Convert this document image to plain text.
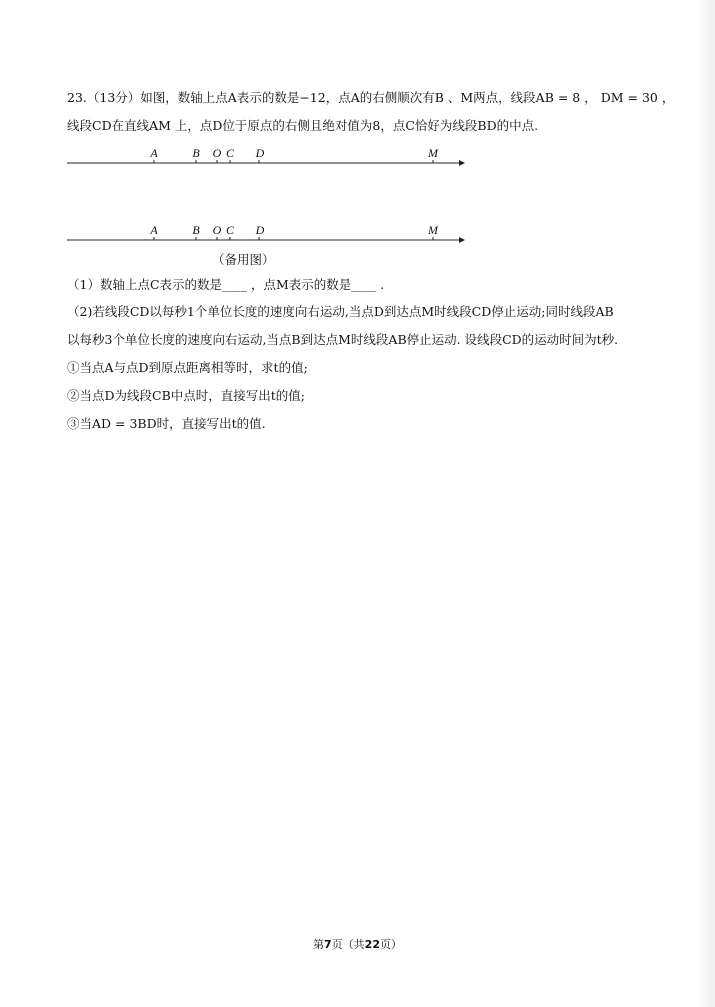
23.（13分）如图，数轴上点A表示的数是−12，点A的右侧顺次有B 、M两点，线段AB = 8 ， DM = 30 ，
线段CD在直线AM 上，点D位于原点的右侧且绝对值为8，点C恰好为线段BD的中点.
A	B O C D	M
A	B O C D	M
（备用图）
（1）数轴上点C表示的数是____ ，点M表示的数是____ .
（2)若线段CD以每秒1个单位长度的速度向右运动,当点D到达点M时线段CD停止运动;同时线段AB
以每秒3个单位长度的速度向右运动,当点B到达点M时线段AB停止运动. 设线段CD的运动时间为t秒.
①当点A与点D到原点距离相等时，求t的值;
②当点D为线段CB中点时，直接写出t的值;
③当AD = 3BD时，直接写出t的值.
第7页（共22页）
